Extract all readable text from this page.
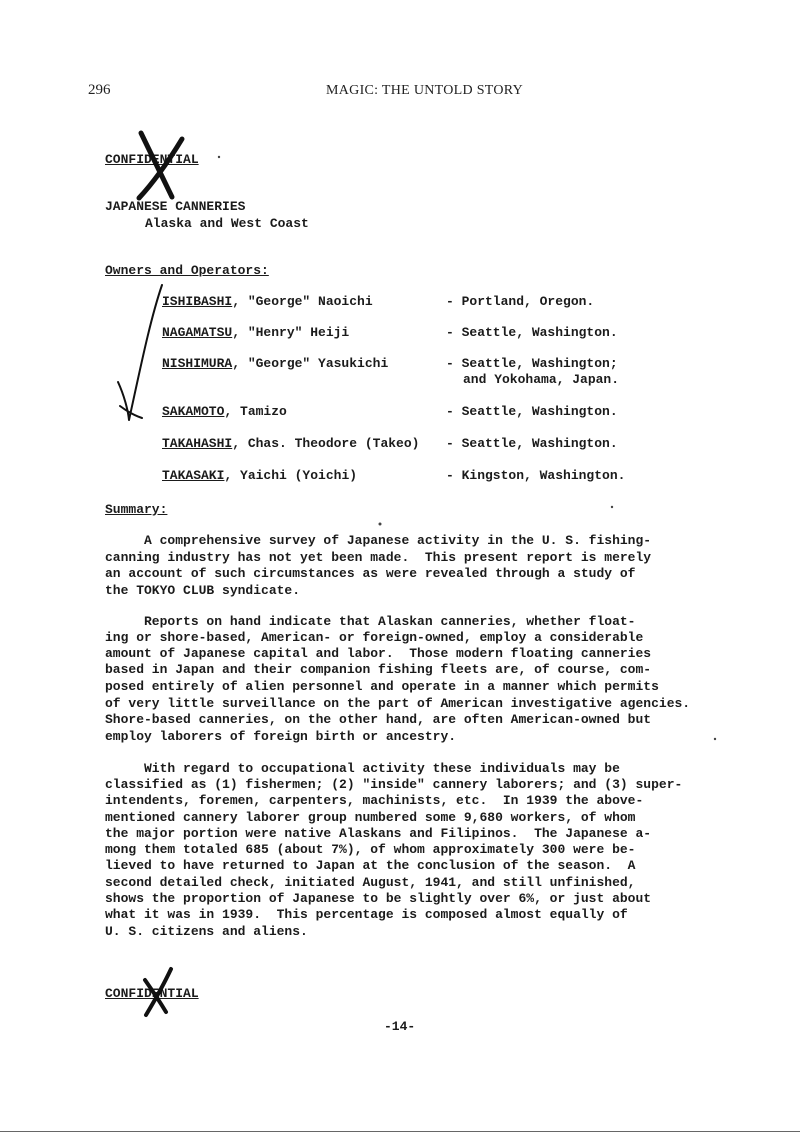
296	MAGIC: THE UNTOLD STORY
CONFIDENTIAL
JAPANESE CANNERIES
Alaska and West Coast
Owners and Operators:
ISHIBASHI, "George" Naoichi	- Portland, Oregon.
NAGAMATSU, "Henry" Heiji	- Seattle, Washington.
NISHIMURA, "George" Yasukichi	- Seattle, Washington;
and Yokohama, Japan.
SAKAMOTO, Tamizo	- Seattle, Washington.
TAKAHASHI, Chas. Theodore (Takeo) - Seattle, Washington.
TAKASAKI, Yaichi (Yoichi)	- Kingston, Washington.
Summary:
A comprehensive survey of Japanese activity in the U. S. fishing-
canning industry has not yet been made.  This present report is merely
an account of such circumstances as were revealed through a study of
the TOKYO CLUB syndicate.
Reports on hand indicate that Alaskan canneries, whether float-
ing or shore-based, American- or foreign-owned, employ a considerable
amount of Japanese capital and labor.  Those modern floating canneries
based in Japan and their companion fishing fleets are, of course, com-
posed entirely of alien personnel and operate in a manner which permits
of very little surveillance on the part of American investigative agencies.
Shore-based canneries, on the other hand, are often American-owned but
employ laborers of foreign birth or ancestry.
With regard to occupational activity these individuals may be
classified as (1) fishermen; (2) "inside" cannery laborers; and (3) super-
intendents, foremen, carpenters, machinists, etc.  In 1939 the above-
mentioned cannery laborer group numbered some 9,680 workers, of whom
the major portion were native Alaskans and Filipinos.  The Japanese a-
mong them totaled 685 (about 7%), of whom approximately 300 were be-
lieved to have returned to Japan at the conclusion of the season.  A
second detailed check, initiated August, 1941, and still unfinished,
shows the proportion of Japanese to be slightly over 6%, or just about
what it was in 1939.  This percentage is composed almost equally of
U. S. citizens and aliens.
CONFIDENTIAL
-14-
